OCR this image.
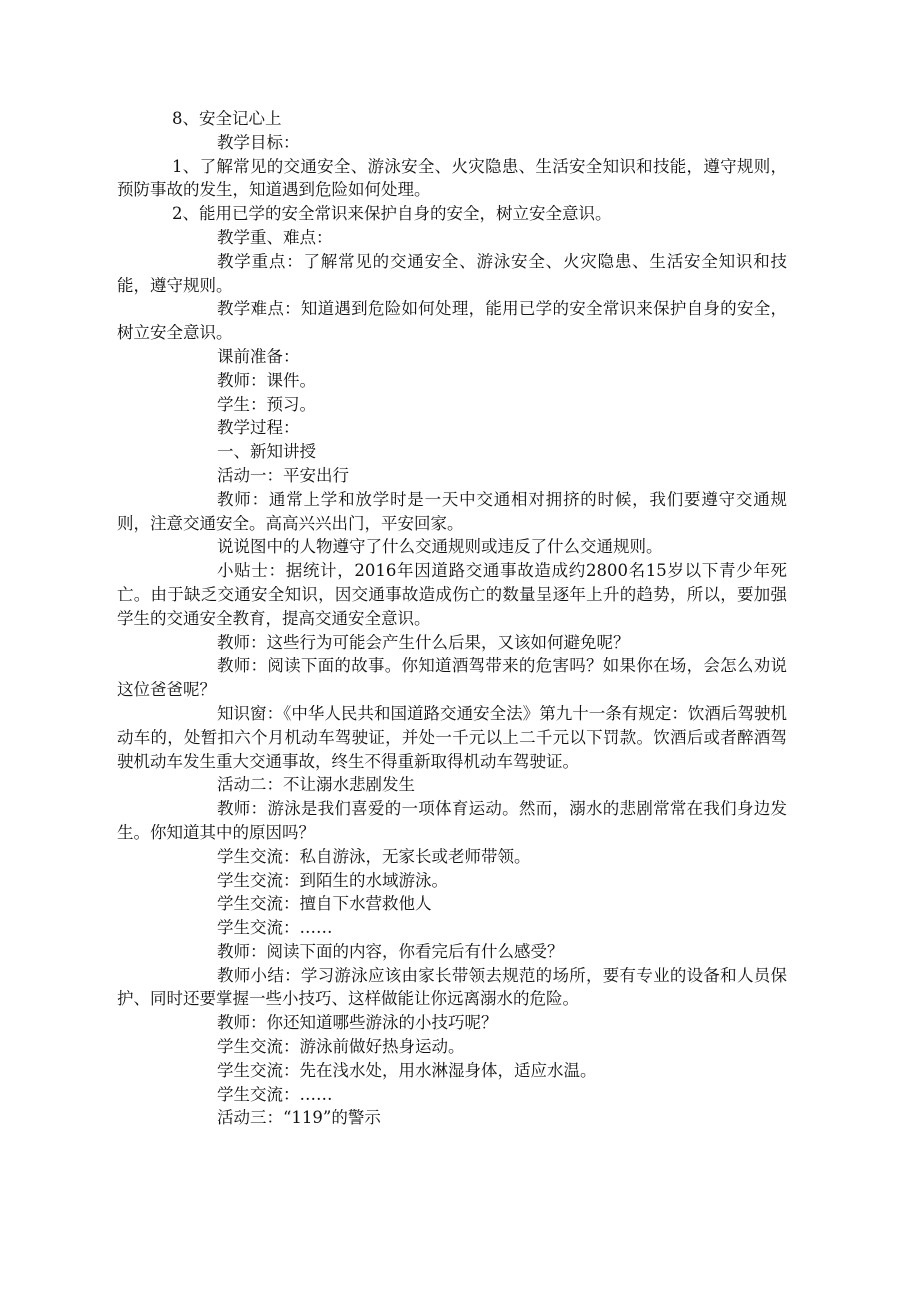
8、安全记心上

教学目标：

1、了解常见的交通安全、游泳安全、火灾隐患、生活安全知识和技能，遵守规则，预防事故的发生，知道遇到危险如何处理。

2、能用已学的安全常识来保护自身的安全，树立安全意识。

教学重、难点：

教学重点：了解常见的交通安全、游泳安全、火灾隐患、生活安全知识和技能，遵守规则。

教学难点：知道遇到危险如何处理，能用已学的安全常识来保护自身的安全，树立安全意识。

课前准备：

教师：课件。

学生：预习。

教学过程：

一、新知讲授

活动一：平安出行

教师：通常上学和放学时是一天中交通相对拥挤的时候，我们要遵守交通规则，注意交通安全。高高兴兴出门，平安回家。

说说图中的人物遵守了什么交通规则或违反了什么交通规则。

小贴士：据统计，2016年因道路交通事故造成约2800名15岁以下青少年死亡。由于缺乏交通安全知识，因交通事故造成伤亡的数量呈逐年上升的趋势，所以，要加强学生的交通安全教育，提高交通安全意识。

教师：这些行为可能会产生什么后果，又该如何避免呢？

教师：阅读下面的故事。你知道酒驾带来的危害吗？如果你在场，会怎么劝说这位爸爸呢？

知识窗：《中华人民共和国道路交通安全法》第九十一条有规定：饮酒后驾驶机动车的，处暂扣六个月机动车驾驶证，并处一千元以上二千元以下罚款。饮酒后或者醉酒驾驶机动车发生重大交通事故，终生不得重新取得机动车驾驶证。

活动二：不让溺水悲剧发生

教师：游泳是我们喜爱的一项体育运动。然而，溺水的悲剧常常在我们身边发生。你知道其中的原因吗？

学生交流：私自游泳，无家长或老师带领。

学生交流：到陌生的水域游泳。

学生交流：擅自下水营救他人

学生交流：……

教师：阅读下面的内容，你看完后有什么感受？

教师小结：学习游泳应该由家长带领去规范的场所，要有专业的设备和人员保护、同时还要掌握一些小技巧、这样做能让你远离溺水的危险。

教师：你还知道哪些游泳的小技巧呢？

学生交流：游泳前做好热身运动。

学生交流：先在浅水处，用水淋湿身体，适应水温。

学生交流：……

活动三：“119”的警示
